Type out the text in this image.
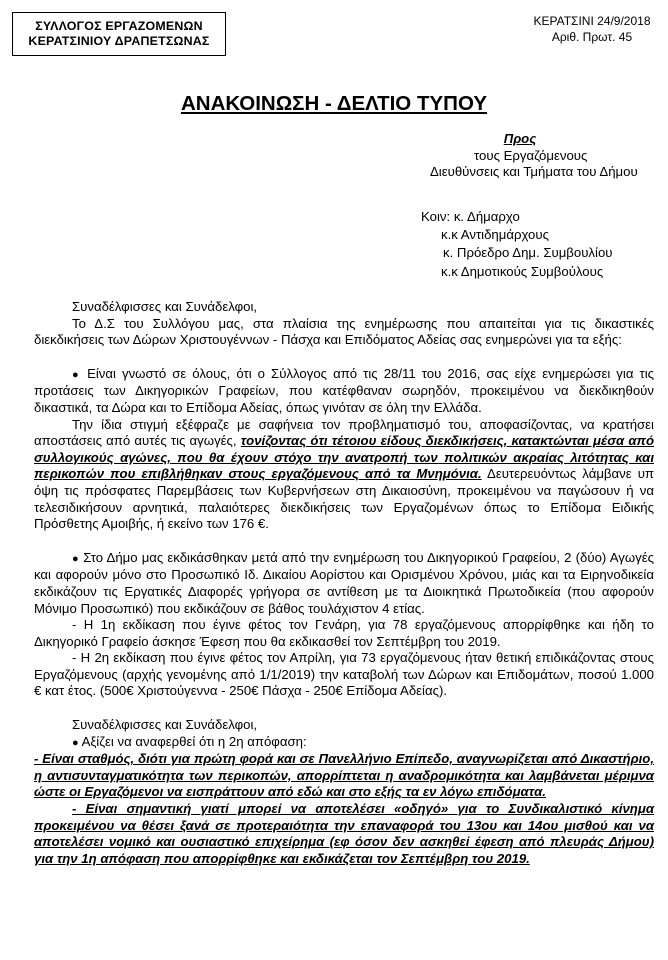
ΣΥΛΛΟΓΟΣ ΕΡΓΑΖΟΜΕΝΩΝ
ΚΕΡΑΤΣΙΝΙΟΥ ΔΡΑΠΕΤΣΩΝΑΣ
ΚΕΡΑΤΣΙΝΙ 24/9/2018
Αριθ. Πρωτ. 45
ΑΝΑΚΟΙΝΩΣΗ - ΔΕΛΤΙΟ ΤΥΠΟΥ
Προς
τους Εργαζόμενους
Διευθύνσεις και Τμήματα του Δήμου
Κοιν: κ. Δήμαρχο
κ.κ Αντιδημάρχους
κ. Πρόεδρο Δημ. Συμβουλίου
κ.κ Δημοτικούς Συμβούλους

Συναδέλφισσες και Συνάδελφοι,

Το Δ.Σ του Συλλόγου μας, στα πλαίσια της ενημέρωσης που απαιτείται για τις δικαστικές διεκδικήσεις των Δώρων Χριστουγέννων - Πάσχα και Επιδόματος Αδείας σας ενημερώνει για τα εξής:

● Είναι γνωστό σε όλους, ότι ο Σύλλογος από τις 28/11 του 2016, σας είχε ενημερώσει για τις προτάσεις των Δικηγορικών Γραφείων, που κατέφθαναν σωρηδόν, προκειμένου να διεκδικηθούν δικαστικά, τα Δώρα και το Επίδομα Αδείας, όπως γινόταν σε όλη την Ελλάδα.

Την ίδια στιγμή εξέφραζε με σαφήνεια τον προβληματισμό του, αποφασίζοντας, να κρατήσει αποστάσεις από αυτές τις αγωγές, τονίζοντας ότι τέτοιου είδους διεκδικήσεις, κατακτώνται μέσα από συλλογικούς αγώνες, που θα έχουν στόχο την ανατροπή των πολιτικών ακραίας λιτότητας και περικοπών που επιβλήθηκαν στους εργαζόμενους από τα Μνημόνια. Δευτερευόντως λάμβανε υπ όψη τις πρόσφατες Παρεμβάσεις των Κυβερνήσεων στη Δικαιοσύνη, προκειμένου να παγώσουν ή να τελεσιδικήσουν αρνητικά, παλαιότερες διεκδικήσεις των Εργαζομένων όπως το Επίδομα Ειδικής Πρόσθετης Αμοιβής, ή εκείνο των 176 €.

● Στο Δήμο μας εκδικάσθηκαν μετά από την ενημέρωση του Δικηγορικού Γραφείου, 2 (δύο) Αγωγές και αφορούν μόνο στο Προσωπικό Ιδ. Δικαίου Αορίστου και Ορισμένου Χρόνου, μιάς και τα Ειρηνοδικεία εκδικάζουν τις Εργατικές Διαφορές γρήγορα σε αντίθεση με τα Διοικητικά Πρωτοδικεία (που αφορούν Μόνιμο Προσωπικό) που εκδικάζουν σε βάθος τουλάχιστον 4 ετίας.

- Η 1η εκδίκαση που έγινε φέτος τον Γενάρη, για 78 εργαζόμενους απορρίφθηκε και ήδη το Δικηγορικό Γραφείο άσκησε Έφεση που θα εκδικασθεί τον Σεπτέμβρη του 2019.

- Η 2η εκδίκαση που έγινε φέτος τον Απρίλη, για 73 εργαζόμενους ήταν θετική επιδικάζοντας στους Εργαζόμενους (αρχής γενομένης από 1/1/2019) την καταβολή των Δώρων και Επιδομάτων, ποσού 1.000 € κατ έτος. (500€ Χριστούγεννα - 250€ Πάσχα - 250€ Επίδομα Αδείας).

Συναδέλφισσες και Συνάδελφοι,

● Αξίζει να αναφερθεί ότι η 2η απόφαση:

- Είναι σταθμός, διότι για πρώτη φορά και σε Πανελλήνιο Επίπεδο, αναγνωρίζεται από Δικαστήριο, η αντισυνταγματικότητα των περικοπών, απορρίπτεται η αναδρομικότητα και λαμβάνεται μέριμνα ώστε οι Εργαζόμενοι να εισπράττουν από εδώ και στο εξής τα εν λόγω επιδόματα.

- Είναι σημαντική γιατί μπορεί να αποτελέσει «οδηγό» για το Συνδικαλιστικό κίνημα προκειμένου να θέσει ξανά σε προτεραιότητα την επαναφορά του 13ου και 14ου μισθού και να αποτελέσει νομικό και ουσιαστικό επιχείρημα (εφ όσον δεν ασκηθεί έφεση από πλευράς Δήμου) για την 1η απόφαση που απορρίφθηκε και εκδικάζεται τον Σεπτέμβρη του 2019.
